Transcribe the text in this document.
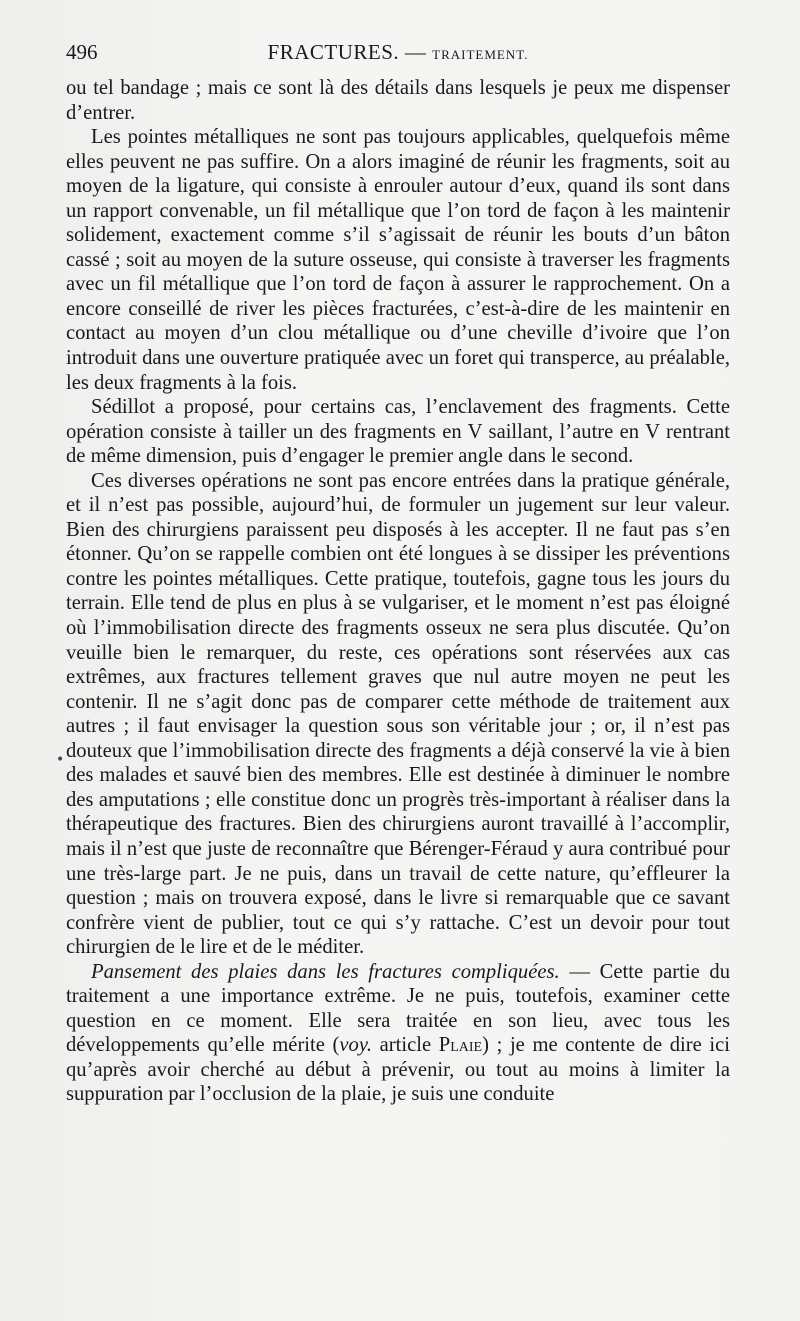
496	FRACTURES. — TRAITEMENT.

ou tel bandage ; mais ce sont là des détails dans lesquels je peux me dispenser d’entrer.

Les pointes métalliques ne sont pas toujours applicables, quelquefois même elles peuvent ne pas suffire. On a alors imaginé de réunir les fragments, soit au moyen de la ligature, qui consiste à enrouler autour d’eux, quand ils sont dans un rapport convenable, un fil métallique que l’on tord de façon à les maintenir solidement, exactement comme s’il s’agissait de réunir les bouts d’un bâton cassé ; soit au moyen de la suture osseuse, qui consiste à traverser les fragments avec un fil métallique que l’on tord de façon à assurer le rapprochement. On a encore conseillé de river les pièces fracturées, c’est-à-dire de les maintenir en contact au moyen d’un clou métallique ou d’une cheville d’ivoire que l’on introduit dans une ouverture pratiquée avec un foret qui transperce, au préalable, les deux fragments à la fois.

Sédillot a proposé, pour certains cas, l’enclavement des fragments. Cette opération consiste à tailler un des fragments en V saillant, l’autre en V rentrant de même dimension, puis d’engager le premier angle dans le second.

Ces diverses opérations ne sont pas encore entrées dans la pratique générale, et il n’est pas possible, aujourd’hui, de formuler un jugement sur leur valeur. Bien des chirurgiens paraissent peu disposés à les accepter. Il ne faut pas s’en étonner. Qu’on se rappelle combien ont été longues à se dissiper les préventions contre les pointes métalliques. Cette pratique, toutefois, gagne tous les jours du terrain. Elle tend de plus en plus à se vulgariser, et le moment n’est pas éloigné où l’immobilisation directe des fragments osseux ne sera plus discutée. Qu’on veuille bien le remarquer, du reste, ces opérations sont réservées aux cas extrêmes, aux fractures tellement graves que nul autre moyen ne peut les contenir. Il ne s’agit donc pas de comparer cette méthode de traitement aux autres ; il faut envisager la question sous son véritable jour ; or, il n’est pas douteux que l’immobilisation directe des fragments a déjà conservé la vie à bien des malades et sauvé bien des membres. Elle est destinée à diminuer le nombre des amputations ; elle constitue donc un progrès très-important à réaliser dans la thérapeutique des fractures. Bien des chirurgiens auront travaillé à l’accomplir, mais il n’est que juste de reconnaître que Bérenger-Féraud y aura contribué pour une très-large part. Je ne puis, dans un travail de cette nature, qu’effleurer la question ; mais on trouvera exposé, dans le livre si remarquable que ce savant confrère vient de publier, tout ce qui s’y rattache. C’est un devoir pour tout chirurgien de le lire et de le méditer.

Pansement des plaies dans les fractures compliquées. — Cette partie du traitement a une importance extrême. Je ne puis, toutefois, examiner cette question en ce moment. Elle sera traitée en son lieu, avec tous les développements qu’elle mérite (voy. article Plaie) ; je me contente de dire ici qu’après avoir cherché au début à prévenir, ou tout au moins à limiter la suppuration par l’occlusion de la plaie, je suis une conduite

•
